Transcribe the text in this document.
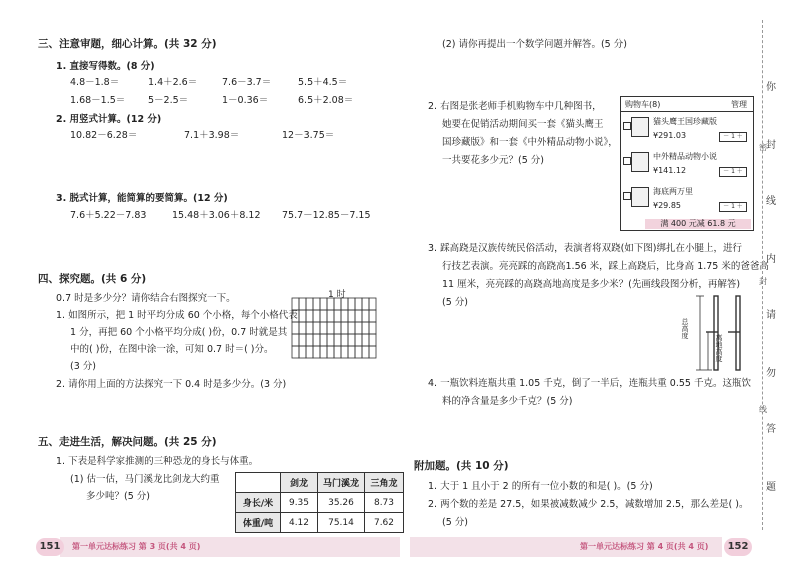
三、注意审题，细心计算。(共 32 分)
1. 直接写得数。(8 分)
4.8－1.8＝	1.4＋2.6＝	7.6－3.7＝	5.5＋4.5＝
1.68－1.5＝ 5－2.5＝	1－0.36＝	6.5＋2.08＝
2. 用竖式计算。(12 分)
10.82－6.28＝	7.1＋3.98＝	12－3.75＝
3. 脱式计算，能简算的要简算。(12 分)
7.6＋5.22－7.83	15.48＋3.06＋8.12 75.7－12.85－7.15
四、探究题。(共 6 分)
0.7 时是多少分？请你结合右图探究一下。
1. 如图所示，把 1 时平均分成 60 个小格，每个小格代表
1 分，再把 60 个小格平均分成( )份，0.7 时就是其
中的( )份，在图中涂一涂，可知 0.7 时＝( )分。
(3 分)
2. 请你用上面的方法探究一下 0.4 时是多少分。(3 分)
1 时
五、走进生活，解决问题。(共 25 分)
1. 下表是科学家推测的三种恐龙的身长与体重。
(1) 估一估，马门溪龙比剑龙大约重
多少吨？(5 分)
	剑龙	马门溪龙	三角龙
身长/米	9.35	35.26	8.73
体重/吨	4.12	75.14	7.62
151	第一单元达标练习 第 3 页(共 4 页)
(2) 请你再提出一个数学问题并解答。(5 分)
2. 右图是张老师手机购物车中几种图书，
她要在促销活动期间买一套《猫头鹰王
国珍藏版》和一套《中外精品动物小说》，
一共要花多少元？(5 分)
购物车(8)	管理
猫头鹰王国珍藏版
¥291.03	－ 1 ＋
中外精品动物小说
¥141.12	－ 1 ＋
海底两万里
¥29.85	－ 1 ＋
满 400 元减 61.8 元
3. 踩高跷是汉族传统民俗活动，表演者将双跷(如下图)绑扎在小腿上，进行
行技艺表演。亮亮踩的高跷高1.56 米，踩上高跷后，比身高 1.75 米的爸爸高
11 厘米，亮亮踩的高跷高地高度是多少米？(先画线段图分析，再解答)
(5 分)
总高度
离地高度
4. 一瓶饮料连瓶共重 1.05 千克，倒了一半后，连瓶共重 0.55 千克。这瓶饮
料的净含量是多少千克？(5 分)
附加题。(共 10 分)
1. 大于 1 且小于 2 的所有一位小数的和是( )。(5 分)
2. 两个数的差是 27.5，如果被减数减少 2.5，减数增加 2.5，那么差是( )。
(5 分)
第一单元达标练习 第 4 页(共 4 页)	152
你
封
线
内
请
勿
答
题
密
封
线
